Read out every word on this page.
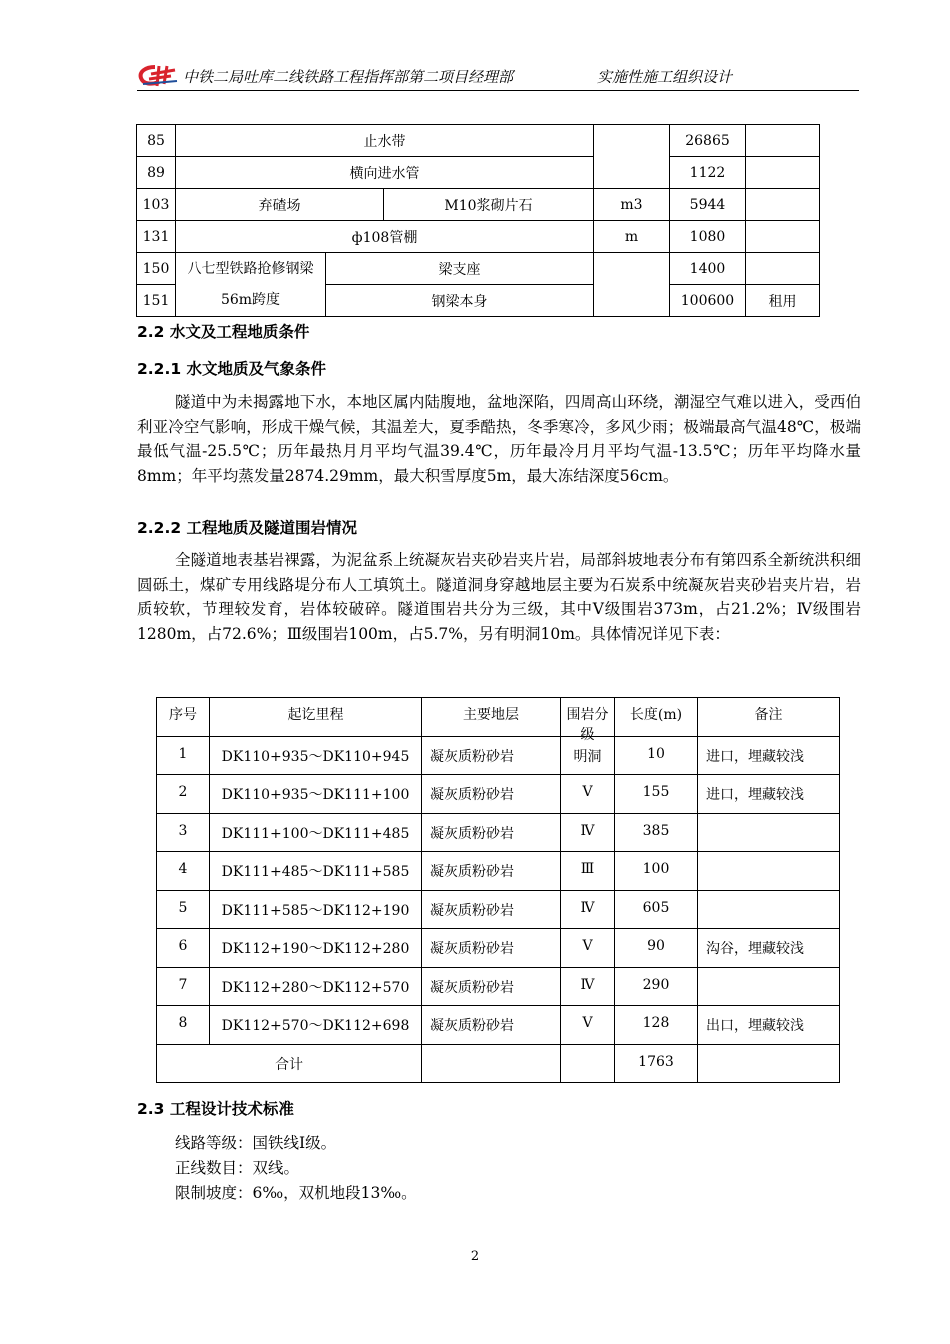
中铁二局吐库二线铁路工程指挥部第二项目经理部	实施性施工组织设计
85	止水带				26865	
89	横向进水管				1122	
103	弃碴场		M10浆砌片石	m3	5944	
131	ф108管棚			m	1080	
150	八七型铁路抢修钢梁56m跨度	梁支座			1400	
151		钢梁本身			100600	租用
2.2 水文及工程地质条件
2.2.1 水文地质及气象条件

隧道中为未揭露地下水，本地区属内陆腹地，盆地深陷，四周高山环绕，潮湿空气难以进入，受西伯利亚冷空气影响，形成干燥气候，其温差大，夏季酷热，冬季寒冷，多风少雨；极端最高气温48℃，极端最低气温-25.5℃；历年最热月月平均气温39.4℃，历年最冷月月平均气温-13.5℃；历年平均降水量8mm；年平均蒸发量2874.29mm，最大积雪厚度5m，最大冻结深度56cm。

2.2.2 工程地质及隧道围岩情况

全隧道地表基岩裸露，为泥盆系上统凝灰岩夹砂岩夹片岩，局部斜坡地表分布有第四系全新统洪积细圆砾土，煤矿专用线路堤分布人工填筑土。隧道洞身穿越地层主要为石炭系中统凝灰岩夹砂岩夹片岩，岩质较软，节理较发育，岩体较破碎。隧道围岩共分为三级，其中Ⅴ级围岩373m，占21.2%；Ⅳ级围岩1280m，占72.6%；Ⅲ级围岩100m，占5.7%，另有明洞10m。具体情况详见下表：

序号	起讫里程	主要地层	围岩分级	长度(m)	备注
1	DK110+935～DK110+945	凝灰质粉砂岩	明洞	10	进口，埋藏较浅
2	DK110+935～DK111+100	凝灰质粉砂岩	Ⅴ	155	进口，埋藏较浅
3	DK111+100～DK111+485	凝灰质粉砂岩	Ⅳ	385	
4	DK111+485～DK111+585	凝灰质粉砂岩	Ⅲ	100	
5	DK111+585～DK112+190	凝灰质粉砂岩	Ⅳ	605	
6	DK112+190～DK112+280	凝灰质粉砂岩	Ⅴ	90	沟谷，埋藏较浅
7	DK112+280～DK112+570	凝灰质粉砂岩	Ⅳ	290	
8	DK112+570～DK112+698	凝灰质粉砂岩	Ⅴ	128	出口，埋藏较浅
合计				1763	
2.3 工程设计技术标准
线路等级：国铁线Ⅰ级。
正线数目：双线。
限制坡度：6‰，双机地段13‰。
2
